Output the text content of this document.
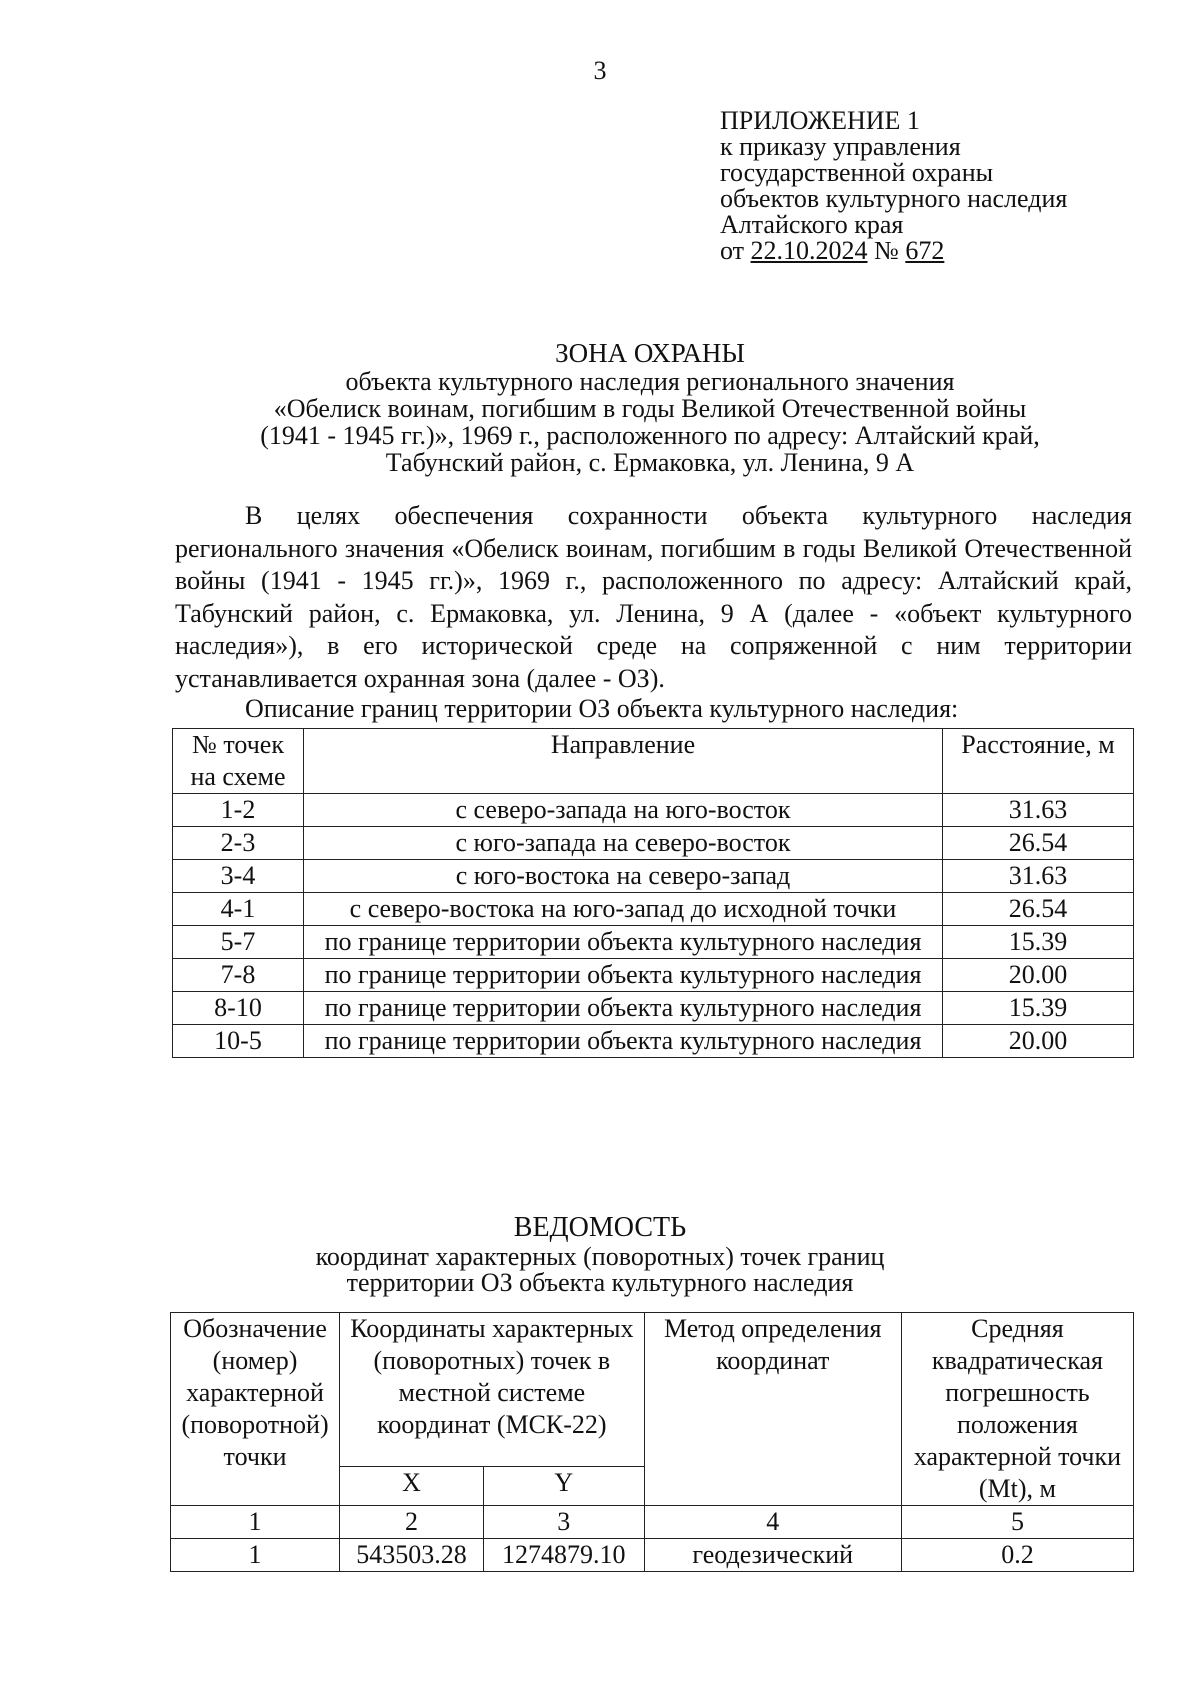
3
ПРИЛОЖЕНИЕ 1
к приказу управления
государственной охраны
объектов культурного наследия
Алтайского края
от 22.10.2024 № 672
ЗОНА ОХРАНЫ
объекта культурного наследия регионального значения
«Обелиск воинам, погибшим в годы Великой Отечественной войны
(1941 - 1945 гг.)», 1969 г., расположенного по адресу: Алтайский край,
Табунский район, с. Ермаковка, ул. Ленина, 9 А

В целях обеспечения сохранности объекта культурного наследия регионального значения «Обелиск воинам, погибшим в годы Великой Отечественной войны (1941 - 1945 гг.)», 1969 г., расположенного по адресу: Алтайский край, Табунский район, с. Ермаковка, ул. Ленина, 9 А (далее - «объект культурного наследия»), в его исторической среде на сопряженной с ним территории устанавливается охранная зона (далее - ОЗ).

Описание границ территории ОЗ объекта культурного наследия:
№ точек на схеме	Направление	Расстояние, м
1-2	с северо-запада на юго-восток	31.63
2-3	с юго-запада на северо-восток	26.54
3-4	с юго-востока на северо-запад	31.63
4-1	с северо-востока на юго-запад до исходной точки	26.54
5-7	по границе территории объекта культурного наследия	15.39
7-8	по границе территории объекта культурного наследия	20.00
8-10	по границе территории объекта культурного наследия	15.39
10-5	по границе территории объекта культурного наследия	20.00
ВЕДОМОСТЬ
координат характерных (поворотных) точек границ
территории ОЗ объекта культурного наследия
Обозначение (номер) характерной (поворотной) точки	Координаты характерных (поворотных) точек в местной системе координат (МСК-22)		Метод определения координат	Средняя квадратическая погрешность положения характерной точки (Mt), м
	X	Y		
1	2	3	4	5
1	543503.28	1274879.10	геодезический	0.2
